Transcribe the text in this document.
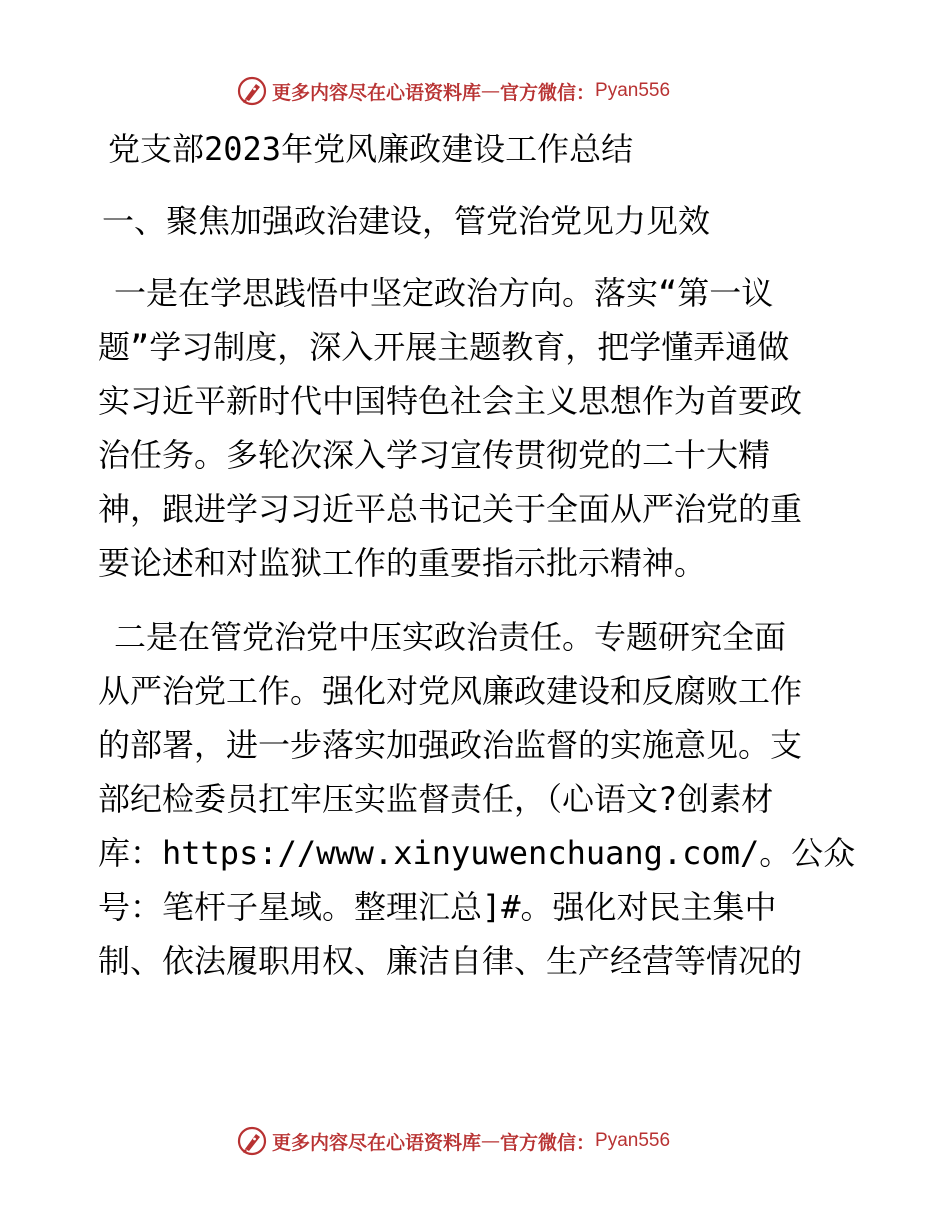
更多内容尽在心语资料库 — 官方微信： Pyan556
党支部2023年党风廉政建设工作总结
一、聚焦加强政治建设，管党治党见力见效

一是在学思践悟中坚定政治方向。落实“第一议
题”学习制度，深入开展主题教育，把学懂弄通做
实习近平新时代中国特色社会主义思想作为首要政
治任务。多轮次深入学习宣传贯彻党的二十大精
神，跟进学习习近平总书记关于全面从严治党的重
要论述和对监狱工作的重要指示批示精神。

二是在管党治党中压实政治责任。专题研究全面
从严治党工作。强化对党风廉政建设和反腐败工作
的部署，进一步落实加强政治监督的实施意见。支
部纪检委员扛牢压实监督责任，（心语文?创素材
库：https://www.xinyuwenchuang.com/。公众
号：笔杆子星域。整理汇总]#。强化对民主集中
制、依法履职用权、廉洁自律、生产经营等情况的

更多内容尽在心语资料库 — 官方微信： Pyan556
